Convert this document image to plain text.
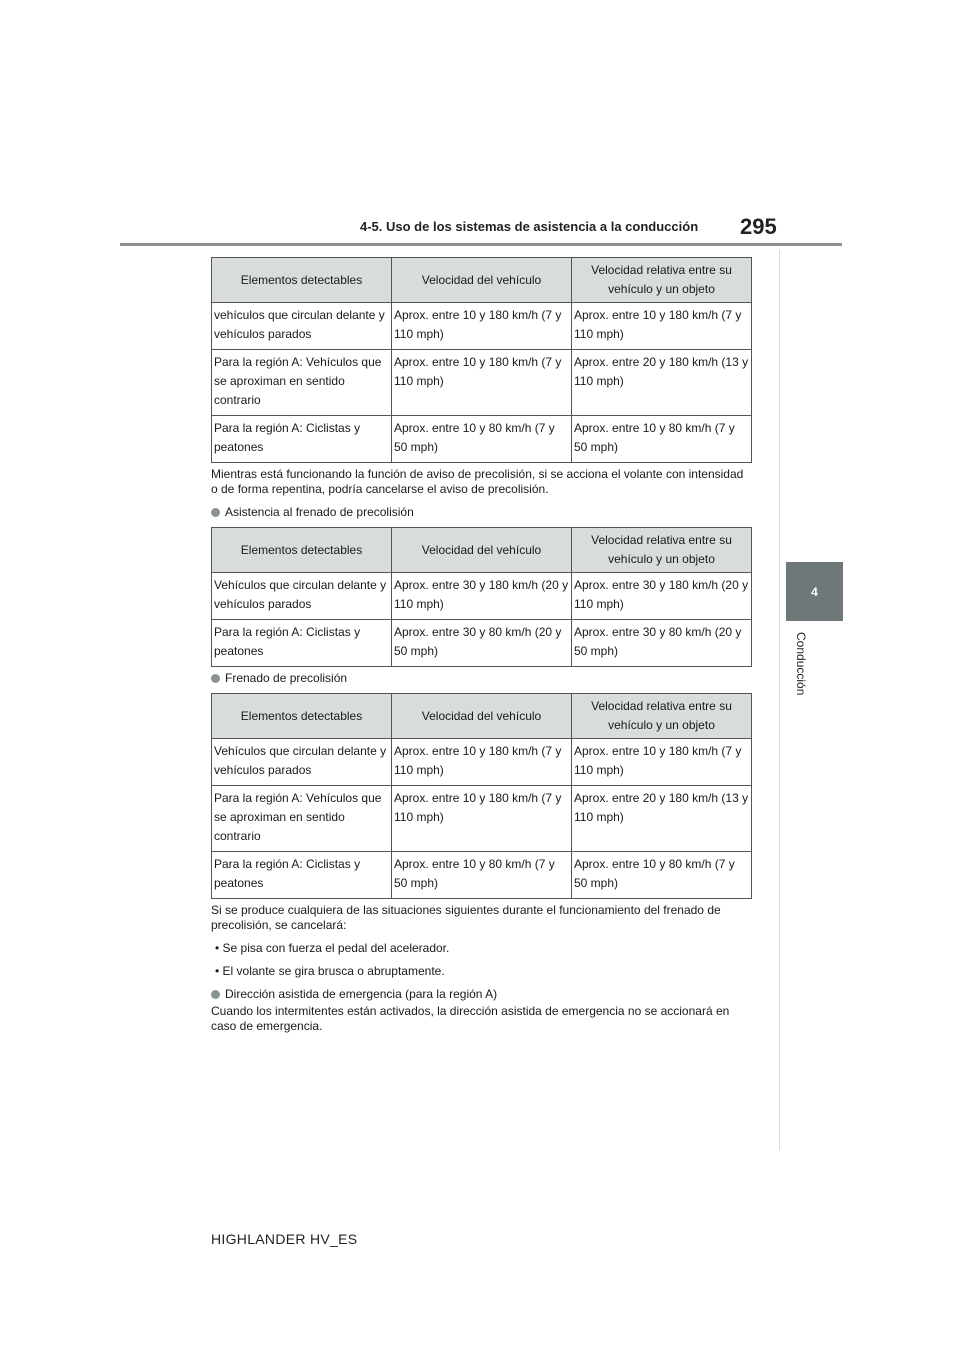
4-5. Uso de los sistemas de asistencia a la conducción 295
4
Conducción
Elementos detectables	Velocidad del vehículo	Velocidad relativa entre su vehículo y un objeto
vehículos que circulan delante y vehículos parados	Aprox. entre 10 y 180 km/h (7 y 110 mph)	Aprox. entre 10 y 180 km/h (7 y 110 mph)
Para la región A: Vehículos que se aproximan en sentido contrario	Aprox. entre 10 y 180 km/h (7 y 110 mph)	Aprox. entre 20 y 180 km/h (13 y 110 mph)
Para la región A: Ciclistas y peatones	Aprox. entre 10 y 80 km/h (7 y 50 mph)	Aprox. entre 10 y 80 km/h (7 y 50 mph)
Mientras está funcionando la función de aviso de precolisión, si se acciona el volante con intensidad o de forma repentina, podría cancelarse el aviso de precolisión.
Asistencia al frenado de precolisión
Elementos detectables	Velocidad del vehículo	Velocidad relativa entre su vehículo y un objeto
Vehículos que circulan delante y vehículos parados	Aprox. entre 30 y 180 km/h (20 y 110 mph)	Aprox. entre 30 y 180 km/h (20 y 110 mph)
Para la región A: Ciclistas y peatones	Aprox. entre 30 y 80 km/h (20 y 50 mph)	Aprox. entre 30 y 80 km/h (20 y 50 mph)
Frenado de precolisión
Elementos detectables	Velocidad del vehículo	Velocidad relativa entre su vehículo y un objeto
Vehículos que circulan delante y vehículos parados	Aprox. entre 10 y 180 km/h (7 y 110 mph)	Aprox. entre 10 y 180 km/h (7 y 110 mph)
Para la región A: Vehículos que se aproximan en sentido contrario	Aprox. entre 10 y 180 km/h (7 y 110 mph)	Aprox. entre 20 y 180 km/h (13 y 110 mph)
Para la región A: Ciclistas y peatones	Aprox. entre 10 y 80 km/h (7 y 50 mph)	Aprox. entre 10 y 80 km/h (7 y 50 mph)
Si se produce cualquiera de las situaciones siguientes durante el funcionamiento del frenado de precolisión, se cancelará:
• Se pisa con fuerza el pedal del acelerador.
• El volante se gira brusca o abruptamente.
Dirección asistida de emergencia (para la región A)
Cuando los intermitentes están activados, la dirección asistida de emergencia no se accionará en caso de emergencia.
HIGHLANDER HV_ES
